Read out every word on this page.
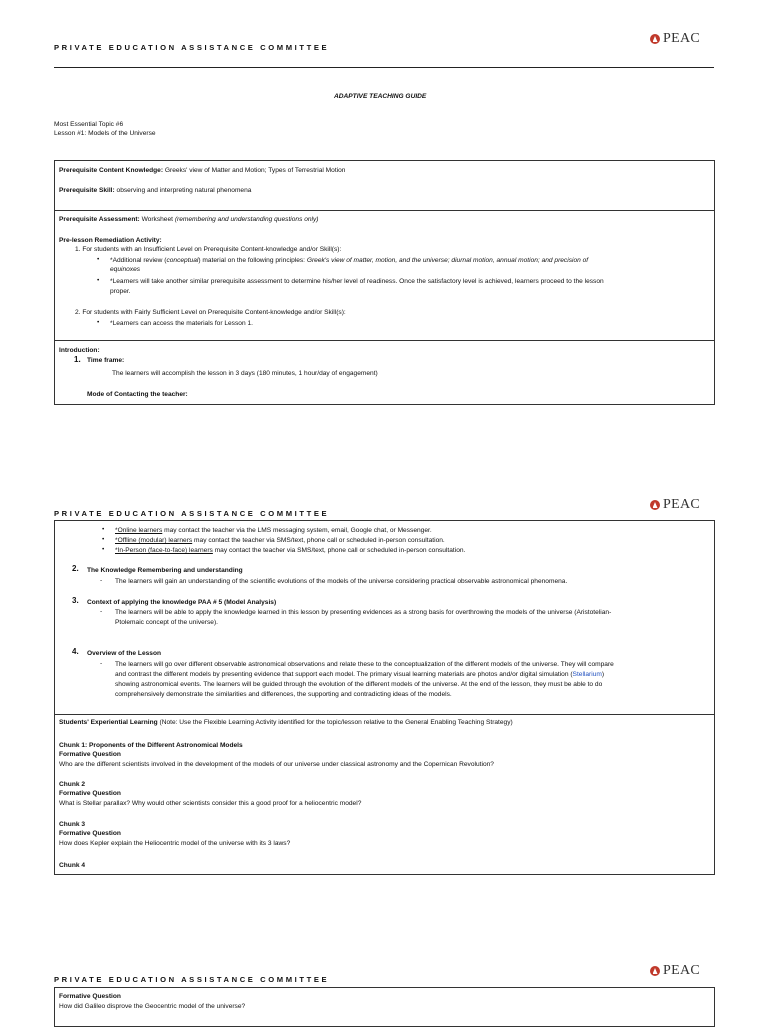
PRIVATE EDUCATION ASSISTANCE COMMITTEE
PEAC
ADAPTIVE TEACHING GUIDE
Most Essential Topic #6
Lesson #1: Models of the Universe
Prerequisite Content Knowledge: Greeks' view of Matter and Motion; Types of Terrestrial Motion
Prerequisite Skill: observing and interpreting natural phenomena
Prerequisite Assessment: Worksheet (remembering and understanding questions only)
Pre-lesson Remediation Activity:
1. For students with an Insufficient Level on Prerequisite Content-knowledge and/or Skill(s):
• *Additional review (conceptual) material on the following principles: Greek's view of matter, motion, and the universe; diurnal motion, annual motion; and precision of
equinoxes
• *Learners will take another similar prerequisite assessment to determine his/her level of readiness. Once the satisfactory level is achieved, learners proceed to the lesson
proper.
2. For students with Fairly Sufficient Level on Prerequisite Content-knowledge and/or Skill(s):
• *Learners can access the materials for Lesson 1.
Introduction:
1. Time frame:
The learners will accomplish the lesson in 3 days (180 minutes, 1 hour/day of engagement)
Mode of Contacting the teacher:
PRIVATE EDUCATION ASSISTANCE COMMITTEE
PEAC
• *Online learners may contact the teacher via the LMS messaging system, email, Google chat, or Messenger.
• *Offline (modular) learners may contact the teacher via SMS/text, phone call or scheduled in-person consultation.
• *In-Person (face-to-face) learners may contact the teacher via SMS/text, phone call or scheduled in-person consultation.
2. The Knowledge Remembering and understanding
- The learners will gain an understanding of the scientific evolutions of the models of the universe considering practical observable astronomical phenomena.
3. Context of applying the knowledge PAA # 5 (Model Analysis)
- The learners will be able to apply the knowledge learned in this lesson by presenting evidences as a strong basis for overthrowing the models of the universe (Aristotelian-
Ptolemaic concept of the universe).
4. Overview of the Lesson
- The learners will go over different observable astronomical observations and relate these to the conceptualization of the different models of the universe. They will compare
and contrast the different models by presenting evidence that support each model. The primary visual learning materials are photos and/or digital simulation (Stellarium)
showing astronomical events. The learners will be guided through the evolution of the different models of the universe. At the end of the lesson, they must be able to do
comprehensively demonstrate the similarities and differences, the supporting and contradicting ideas of the models.
Students' Experiential Learning (Note: Use the Flexible Learning Activity identified for the topic/lesson relative to the General Enabling Teaching Strategy)
Chunk 1: Proponents of the Different Astronomical Models
Formative Question
Who are the different scientists involved in the development of the models of our universe under classical astronomy and the Copernican Revolution?
Chunk 2
Formative Question
What is Stellar parallax? Why would other scientists consider this a good proof for a heliocentric model?
Chunk 3
Formative Question
How does Kepler explain the Heliocentric model of the universe with its 3 laws?
Chunk 4
PRIVATE EDUCATION ASSISTANCE COMMITTEE
PEAC
Formative Question
How did Galileo disprove the Geocentric model of the universe?
